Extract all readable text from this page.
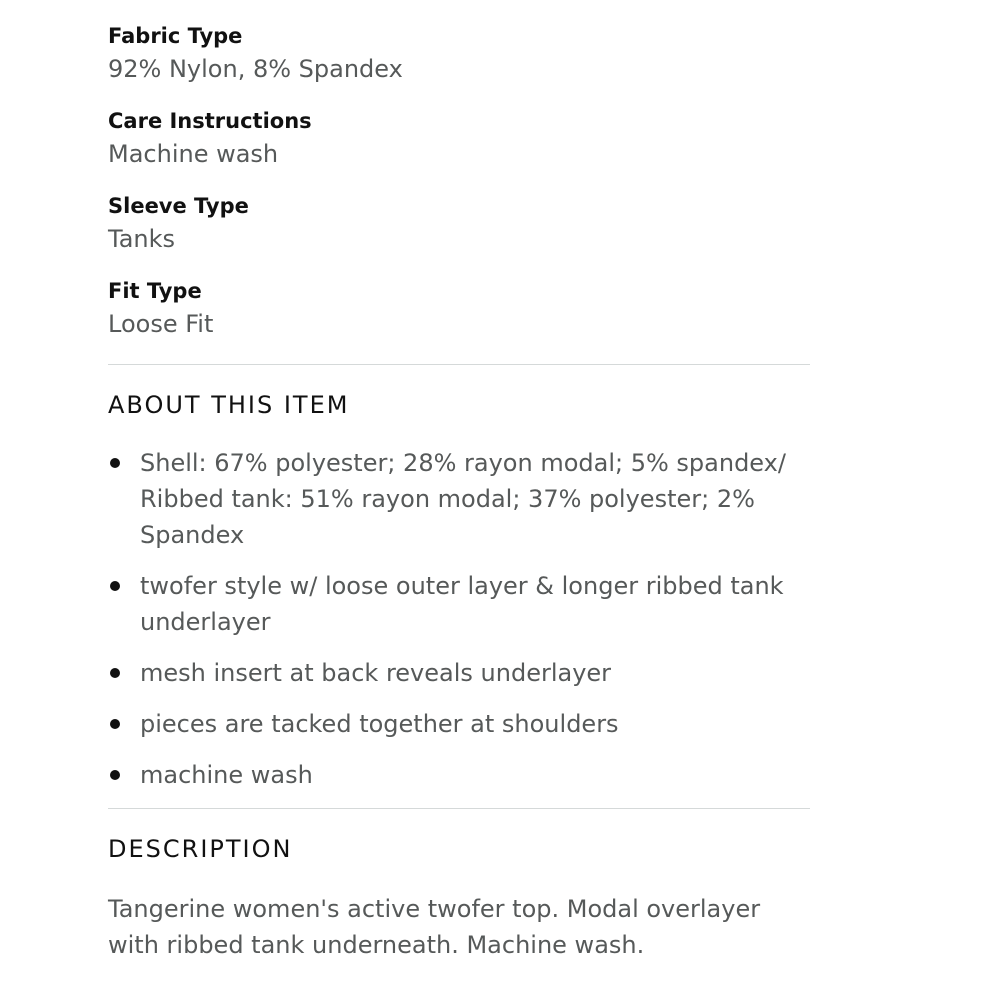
Fabric Type
92% Nylon, 8% Spandex
Care Instructions
Machine wash
Sleeve Type
Tanks
Fit Type
Loose Fit
ABOUT THIS ITEM
Shell: 67% polyester; 28% rayon modal; 5% spandex/ Ribbed tank: 51% rayon modal; 37% polyester; 2% Spandex
twofer style w/ loose outer layer & longer ribbed tank underlayer
mesh insert at back reveals underlayer
pieces are tacked together at shoulders
machine wash
DESCRIPTION
Tangerine women's active twofer top. Modal overlayer with ribbed tank underneath. Machine wash.
